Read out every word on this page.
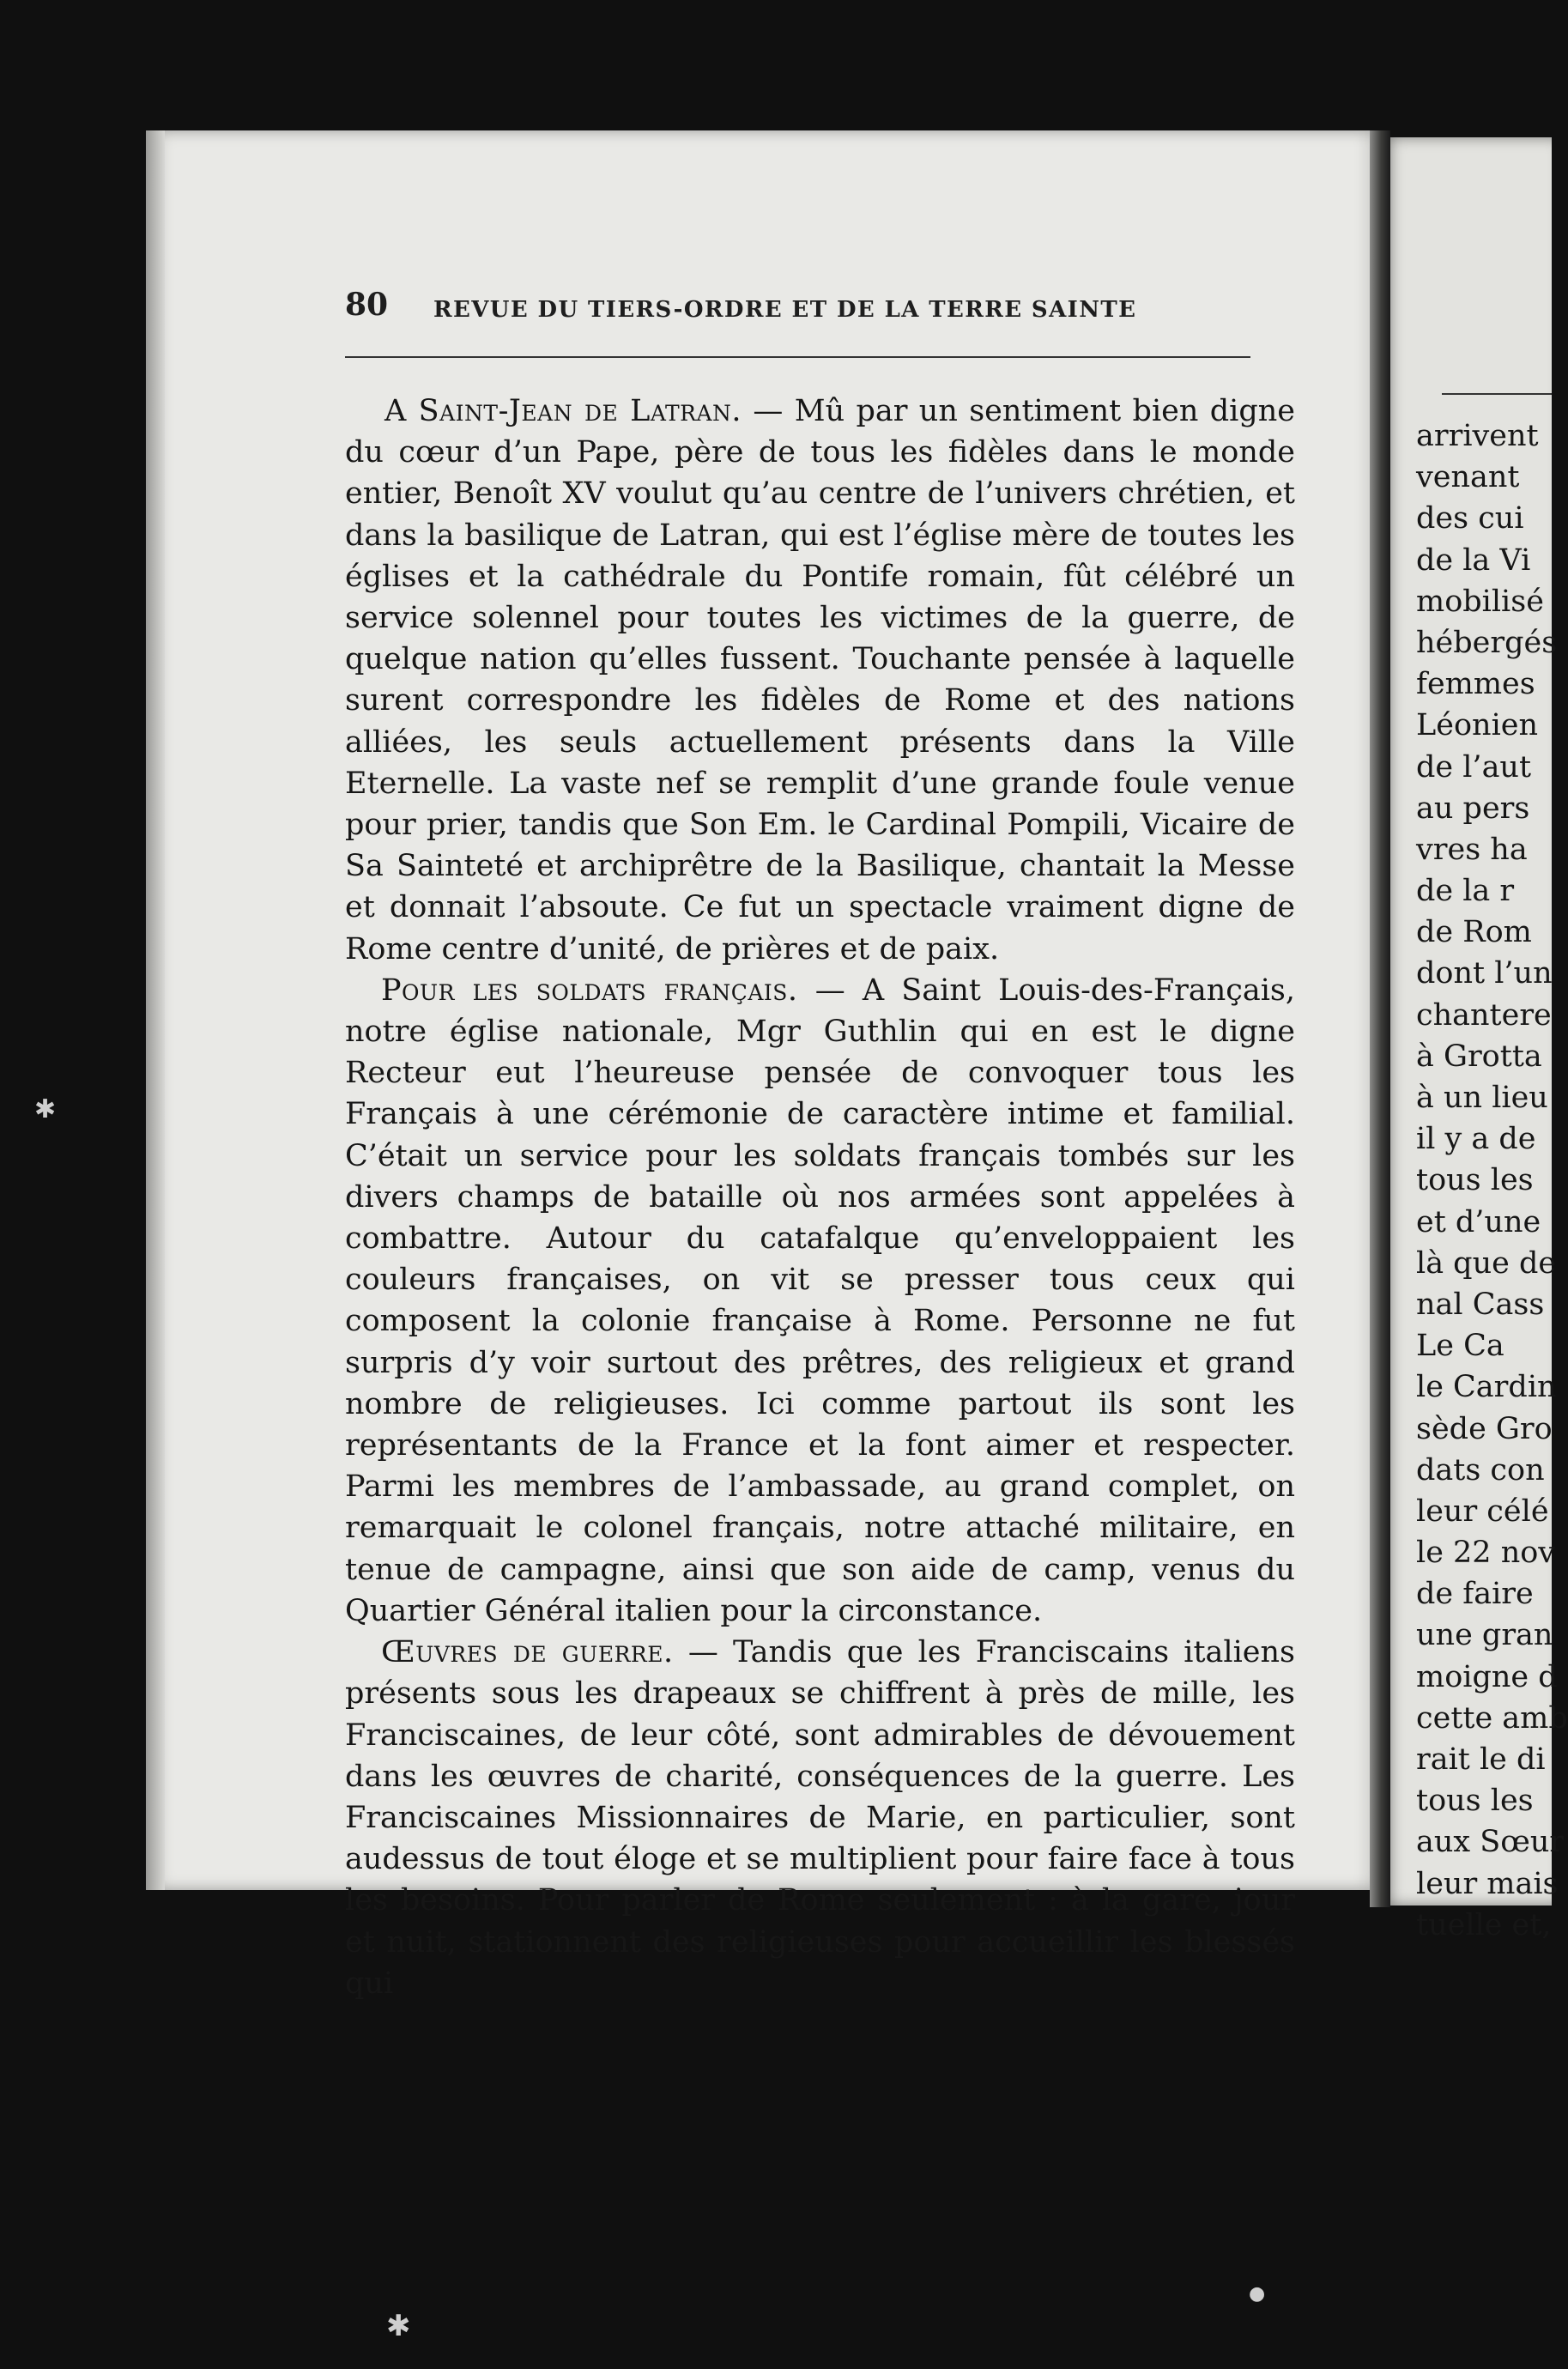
✱
✱
●
80 REVUE DU TIERS-ORDRE ET DE LA TERRE SAINTE

A Saint-Jean de Latran. — Mû par un sentiment bien digne du cœur d’un Pape, père de tous les fidèles dans le monde entier, Benoît XV voulut qu’au centre de l’univers chrétien, et dans la basilique de Latran, qui est l’église mère de toutes les églises et la cathédrale du Pontife romain, fût célébré un service solennel pour toutes les victimes de la guerre, de quelque nation qu’elles fussent. Touchante pensée à laquelle surent correspondre les fidèles de Rome et des nations alliées, les seuls actuellement présents dans la Ville Eternelle. La vaste nef se remplit d’une grande foule venue pour prier, tandis que Son Em. le Cardinal Pompili, Vicaire de Sa Sainteté et archiprêtre de la Basilique, chantait la Messe et donnait l’absoute. Ce fut un spectacle vraiment digne de Rome centre d’unité, de prières et de paix.

Pour les soldats français. — A Saint Louis-des-Français, notre église nationale, Mgr Guthlin qui en est le digne Recteur eut l’heureuse pensée de convoquer tous les Français à une cérémonie de caractère intime et familial. C’était un service pour les soldats français tombés sur les divers champs de bataille où nos armées sont appelées à combattre. Autour du catafalque qu’enveloppaient les couleurs françaises, on vit se presser tous ceux qui composent la colonie française à Rome. Personne ne fut surpris d’y voir surtout des prêtres, des religieux et grand nombre de religieuses. Ici comme partout ils sont les représentants de la France et la font aimer et respecter. Parmi les membres de l’ambassade, au grand complet, on remarquait le colonel français, notre attaché militaire, en tenue de campagne, ainsi que son aide de camp, venus du Quartier Général italien pour la circonstance.

Œuvres de guerre. — Tandis que les Franciscains italiens présents sous les drapeaux se chiffrent à près de mille, les Franciscaines, de leur côté, sont admirables de dévouement dans les œuvres de charité, conséquences de la guerre. Les Franciscaines Missionnaires de Marie, en particulier, sont audessus de tout éloge et se multiplient pour faire face à tous les besoins. Pour parler de Rome seulement : à la gare, jour et nuit, stationnent des religieuses pour accueillir les blessés qui

arrivent
venant
des cui
de la Vi
mobilisé
hébergés
femmes
Léonien
de l’aut
au pers
vres ha
de la r
de Rom
dont l’un
chantere
à Grotta
à un lieu
il y a de
tous les
et d’une
là que de
nal Cass
Le Ca
le Cardin
sède Gro
dats con
leur célé
le 22 nov
de faire
une gran
moigne d
cette amb
rait le di
tous les
aux Sœur
leur mais
tuelle et,
